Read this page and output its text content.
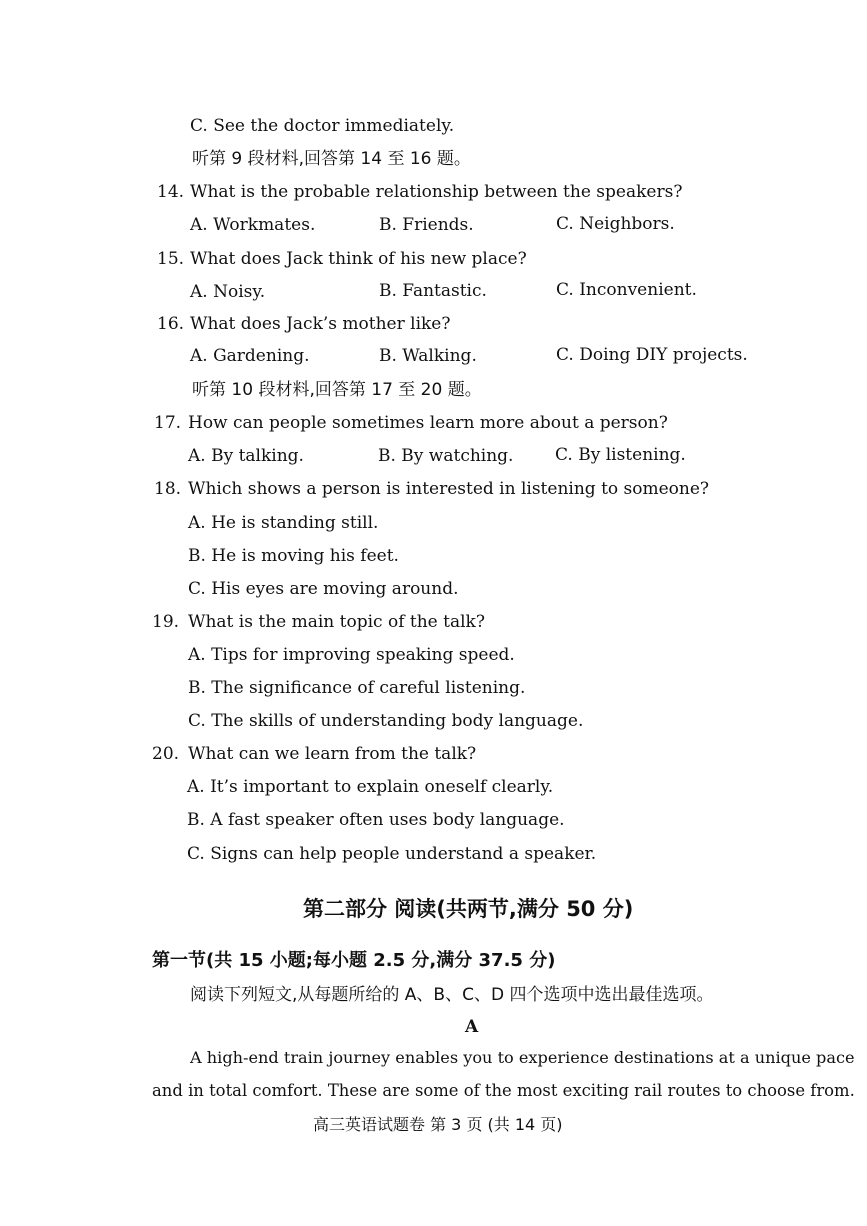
C. See the doctor immediately.
听第 9 段材料,回答第 14 至 16 题。
14. What is the probable relationship between the speakers?
A. Workmates.	B. Friends.	C. Neighbors.
15. What does Jack think of his new place?
A. Noisy.	B. Fantastic.	C. Inconvenient.
16. What does Jack’s mother like?
A. Gardening.	B. Walking.	C. Doing DIY projects.
听第 10 段材料,回答第 17 至 20 题。
17. How can people sometimes learn more about a person?
A. By talking.	B. By watching. C. By listening.
18. Which shows a person is interested in listening to someone?
A. He is standing still.
B. He is moving his feet.
C. His eyes are moving around.
19. What is the main topic of the talk?
A. Tips for improving speaking speed.
B. The significance of careful listening.
C. The skills of understanding body language.
20. What can we learn from the talk?
A. It’s important to explain oneself clearly.
B. A fast speaker often uses body language.
C. Signs can help people understand a speaker.
第二部分 阅读(共两节,满分 50 分)
第一节(共 15 小题;每小题 2.5 分,满分 37.5 分)
阅读下列短文,从每题所给的 A、B、C、D 四个选项中选出最佳选项。
A
A high-end train journey enables you to experience destinations at a unique pace
and in total comfort. These are some of the most exciting rail routes to choose from.
高三英语试题卷 第 3 页 (共 14 页)
